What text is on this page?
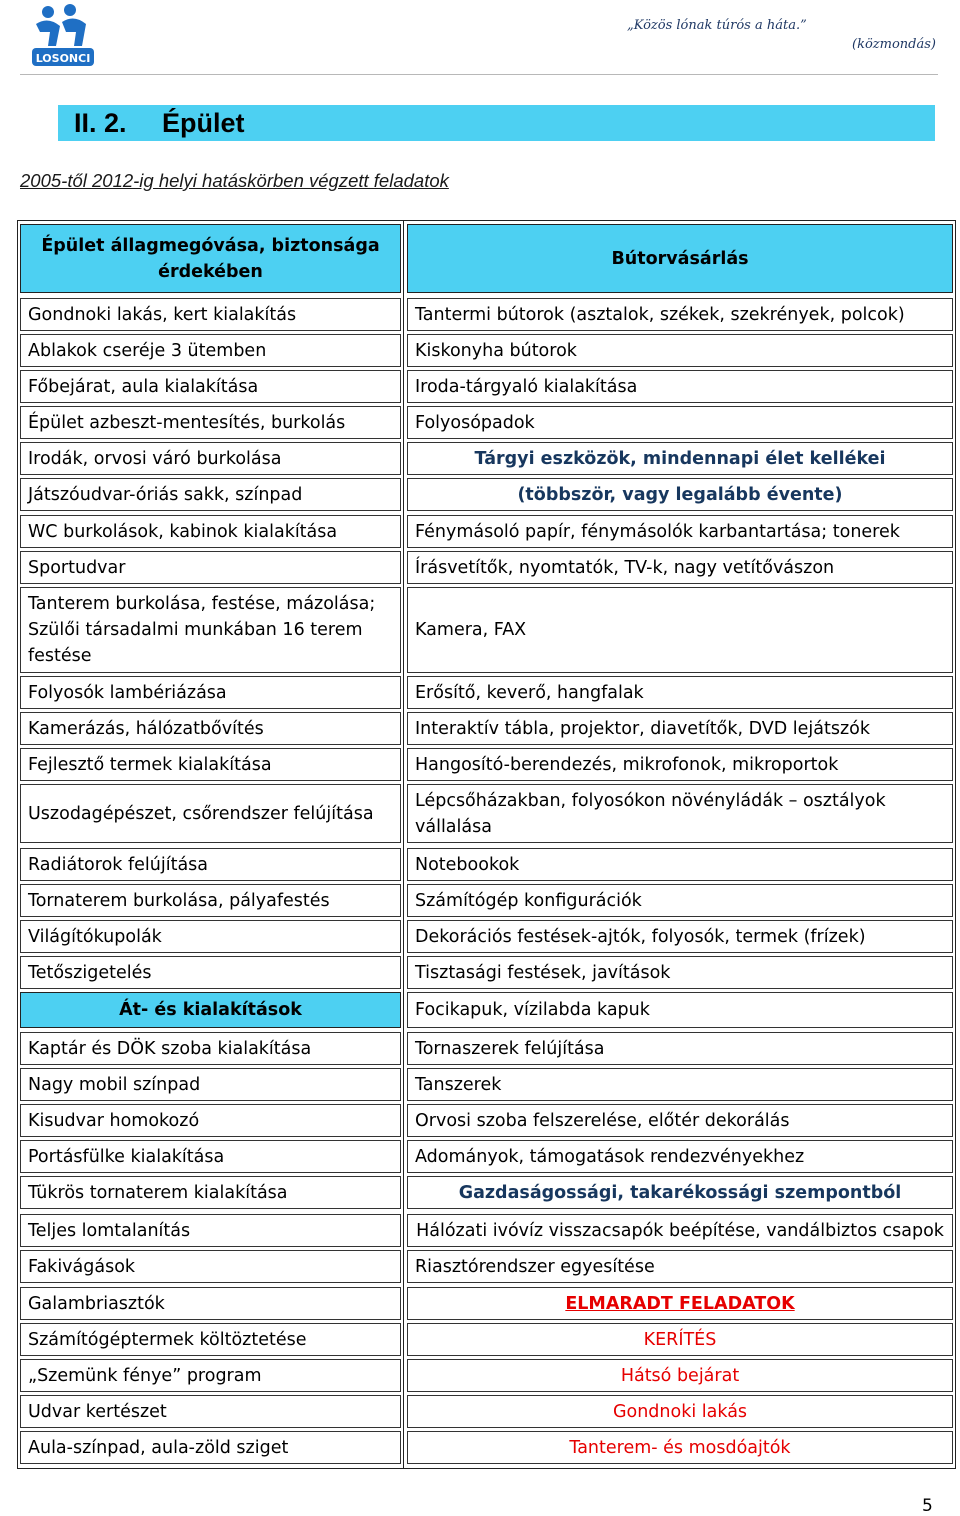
LOSONCI
„Közös lónak túrós a háta.”
(közmondás)
II. 2.	Épület
2005-től 2012-ig helyi hatáskörben végzett feladatok
Épület állagmegóvása, biztonsága érdekében
Gondnoki lakás, kert kialakítás
Ablakok cseréje 3 ütemben
Főbejárat, aula kialakítása
Épület azbeszt-mentesítés, burkolás
Irodák, orvosi váró burkolása
Játszóudvar-óriás sakk, színpad
WC burkolások, kabinok kialakítása
Sportudvar
Tanterem burkolása, festése, mázolása; Szülői társadalmi munkában 16 terem festése
Folyosók lambériázása
Kamerázás, hálózatbővítés
Fejlesztő termek kialakítása
Uszodagépészet, csőrendszer felújítása
Radiátorok felújítása
Tornaterem burkolása, pályafestés
Világítókupolák
Tetőszigetelés
Át- és kialakítások
Kaptár és DÖK szoba kialakítása
Nagy mobil színpad
Kisudvar homokozó
Portásfülke kialakítása
Tükrös tornaterem kialakítása
Teljes lomtalanítás
Fakivágások
Galambriasztók
Számítógéptermek költöztetése
„Szemünk fénye” program
Udvar kertészet
Aula-színpad, aula-zöld sziget
Bútorvásárlás
Tantermi bútorok (asztalok, székek, szekrények, polcok)
Kiskonyha bútorok
Iroda-tárgyaló kialakítása
Folyosópadok
Tárgyi eszközök, mindennapi élet kellékei
(többször, vagy legalább évente)
Fénymásoló papír, fénymásolók karbantartása; tonerek
Írásvetítők, nyomtatók, TV-k, nagy vetítővászon
Kamera, FAX
Erősítő, keverő, hangfalak
Interaktív tábla, projektor, diavetítők, DVD lejátszók
Hangosító-berendezés, mikrofonok, mikroportok
Lépcsőházakban, folyosókon növényládák – osztályok vállalása
Notebookok
Számítógép konfigurációk
Dekorációs festések-ajtók, folyosók, termek (frízek)
Tisztasági festések, javítások
Focikapuk, vízilabda kapuk
Tornaszerek felújítása
Tanszerek
Orvosi szoba felszerelése, előtér dekorálás
Adományok, támogatások rendezvényekhez
Gazdaságossági, takarékossági szempontból
Hálózati ivóvíz visszacsapók beépítése, vandálbiztos csapok
Riasztórendszer egyesítése
ELMARADT FELADATOK
KERÍTÉS
Hátsó bejárat
Gondnoki lakás
Tanterem- és mosdóajtók
5
